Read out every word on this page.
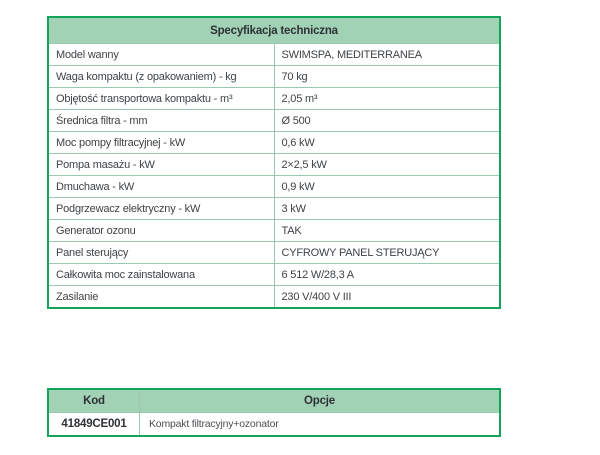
Specyfikacja techniczna	
Model wanny	SWIMSPA, MEDITERRANEA
Waga kompaktu (z opakowaniem) - kg	70 kg
Objętość transportowa kompaktu - m³	2,05 m³
Średnica filtra - mm	Ø 500
Moc pompy filtracyjnej - kW	0,6 kW
Pompa masażu - kW	2×2,5 kW
Dmuchawa - kW	0,9 kW
Podgrzewacz elektryczny - kW	3 kW
Generator ozonu	TAK
Panel sterujący	CYFROWY PANEL STERUJĄCY
Całkowita moc zainstalowana	6 512 W/28,3 A
Zasilanie	230 V/400 V III
Kod	Opcje
41849CE001	Kompakt filtracyjny+ozonator
